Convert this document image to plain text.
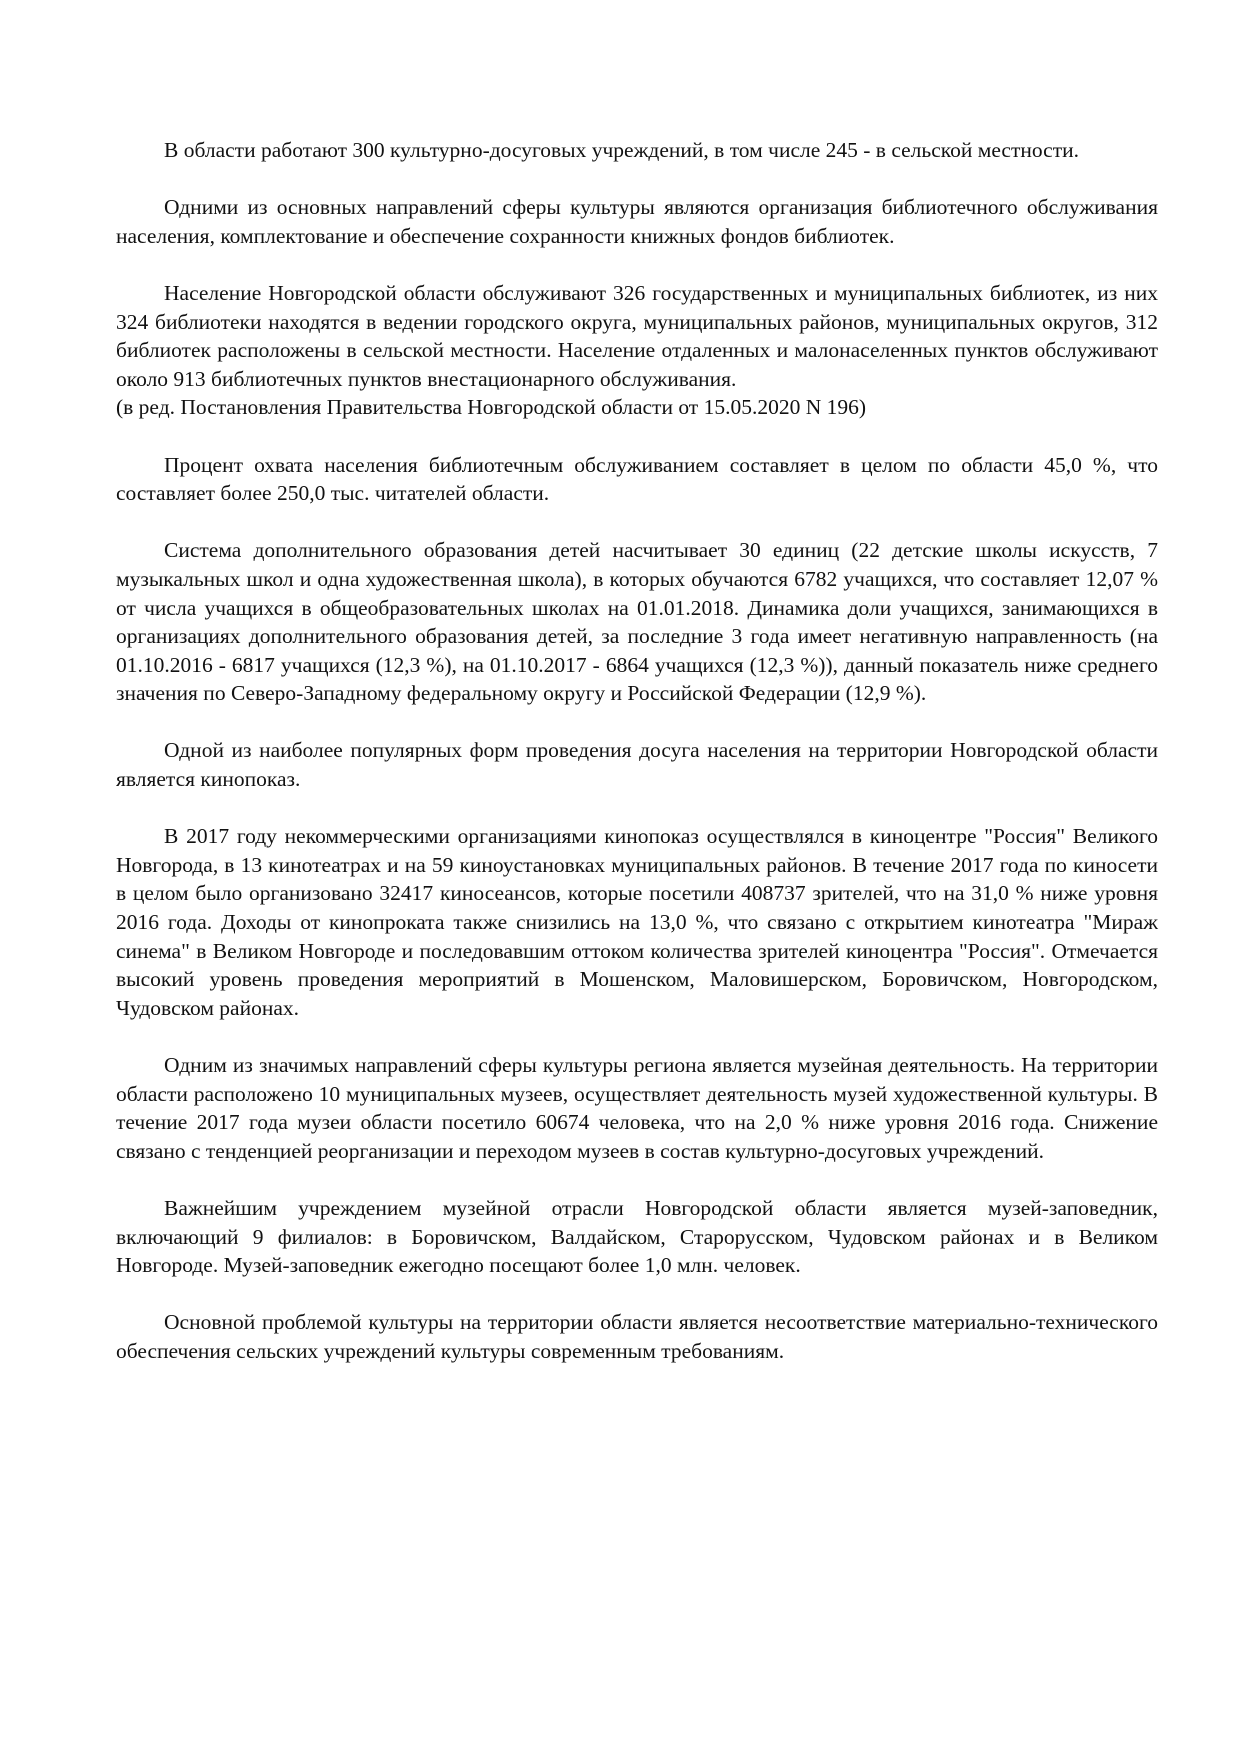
В области работают 300 культурно-досуговых учреждений, в том числе 245 - в сельской местности.

Одними из основных направлений сферы культуры являются организация библиотечного обслуживания населения, комплектование и обеспечение сохранности книжных фондов библиотек.

Население Новгородской области обслуживают 326 государственных и муниципальных библиотек, из них 324 библиотеки находятся в ведении городского округа, муниципальных районов, муниципальных округов, 312 библиотек расположены в сельской местности. Население отдаленных и малонаселенных пунктов обслуживают около 913 библиотечных пунктов внестационарного обслуживания.

(в ред. Постановления Правительства Новгородской области от 15.05.2020 N 196)

Процент охвата населения библиотечным обслуживанием составляет в целом по области 45,0 %, что составляет более 250,0 тыс. читателей области.

Система дополнительного образования детей насчитывает 30 единиц (22 детские школы искусств, 7 музыкальных школ и одна художественная школа), в которых обучаются 6782 учащихся, что составляет 12,07 % от числа учащихся в общеобразовательных школах на 01.01.2018. Динамика доли учащихся, занимающихся в организациях дополнительного образования детей, за последние 3 года имеет негативную направленность (на 01.10.2016 - 6817 учащихся (12,3 %), на 01.10.2017 - 6864 учащихся (12,3 %)), данный показатель ниже среднего значения по Северо-Западному федеральному округу и Российской Федерации (12,9 %).

Одной из наиболее популярных форм проведения досуга населения на территории Новгородской области является кинопоказ.

В 2017 году некоммерческими организациями кинопоказ осуществлялся в киноцентре "Россия" Великого Новгорода, в 13 кинотеатрах и на 59 киноустановках муниципальных районов. В течение 2017 года по киносети в целом было организовано 32417 киносеансов, которые посетили 408737 зрителей, что на 31,0 % ниже уровня 2016 года. Доходы от кинопроката также снизились на 13,0 %, что связано с открытием кинотеатра "Мираж синема" в Великом Новгороде и последовавшим оттоком количества зрителей киноцентра "Россия". Отмечается высокий уровень проведения мероприятий в Мошенском, Маловишерском, Боровичском, Новгородском, Чудовском районах.

Одним из значимых направлений сферы культуры региона является музейная деятельность. На территории области расположено 10 муниципальных музеев, осуществляет деятельность музей художественной культуры. В течение 2017 года музеи области посетило 60674 человека, что на 2,0 % ниже уровня 2016 года. Снижение связано с тенденцией реорганизации и переходом музеев в состав культурно-досуговых учреждений.

Важнейшим учреждением музейной отрасли Новгородской области является музей-заповедник, включающий 9 филиалов: в Боровичском, Валдайском, Старорусском, Чудовском районах и в Великом Новгороде. Музей-заповедник ежегодно посещают более 1,0 млн. человек.

Основной проблемой культуры на территории области является несоответствие материально-технического обеспечения сельских учреждений культуры современным требованиям.
